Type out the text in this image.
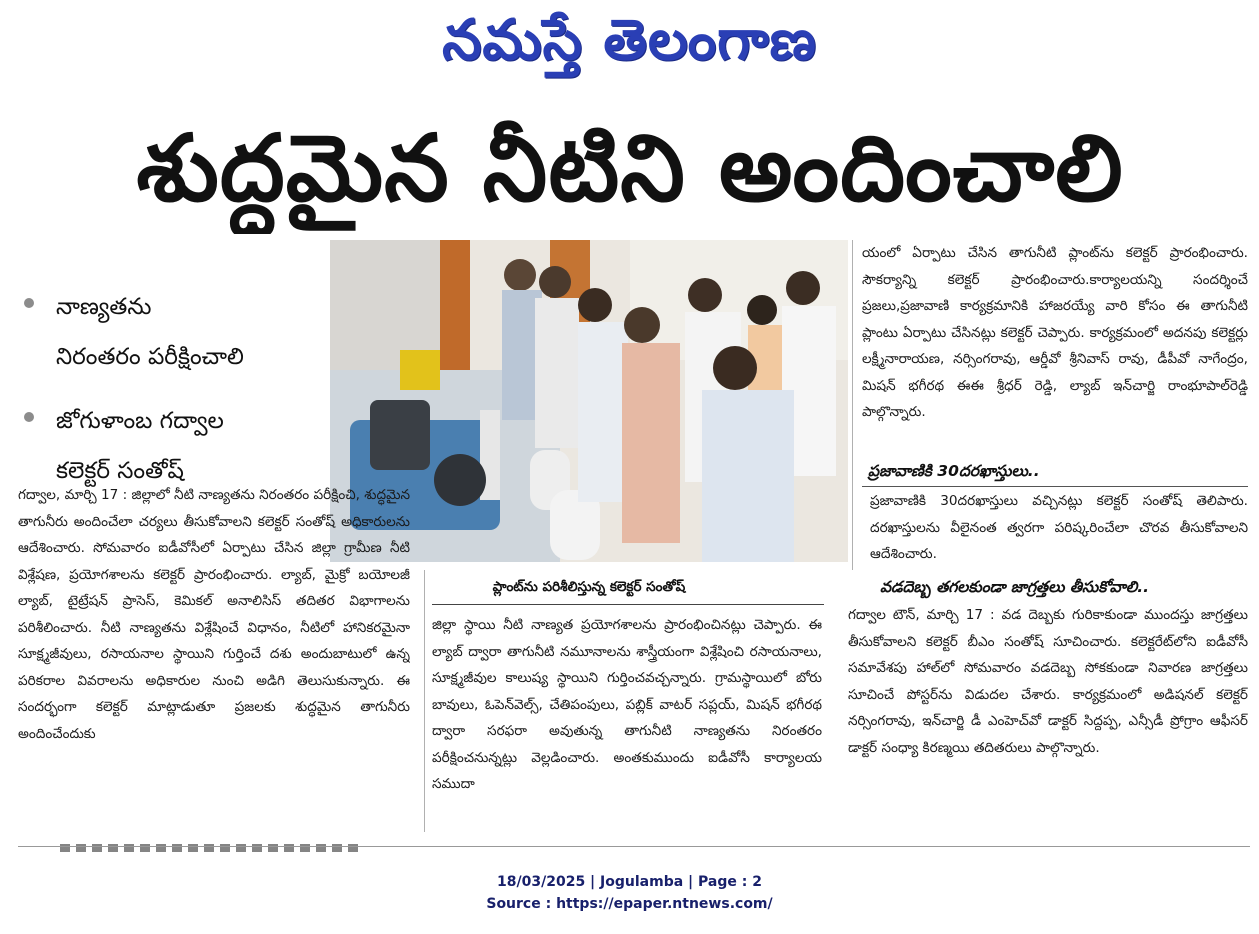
నమస్తే తెలంగాణ
శుద్ధమైన నీటిని అందించాలి
నాణ్యతను
నిరంతరం పరీక్షించాలి
జోగుళాంబ గద్వాల
కలెక్టర్ సంతోష్
ప్లాంట్‌ను పరిశీలిస్తున్న కలెక్టర్ సంతోష్
గద్వాల, మార్చి 17 : జిల్లాలో నీటి నాణ్యతను నిరంతరం పరీక్షించి, శుద్ధమైన తాగునీరు అందించేలా చర్యలు తీసుకోవాలని కలెక్టర్ సంతోష్ అధికారులను ఆదేశించారు. సోమవారం ఐడీవోసీలో ఏర్పాటు చేసిన జిల్లా గ్రామీణ నీటి విశ్లేషణ, ప్రయోగశాలను కలెక్టర్ ప్రారంభించారు. ల్యాబ్, మైక్రో బయోలజీ ల్యాబ్, టైట్రేషన్ ప్రాసెస్, కెమికల్ అనాలిసిస్ తదితర విభాగాలను పరిశీలించారు. నీటి నాణ్యతను విశ్లేషించే విధానం, నీటిలో హానికరమైనా సూక్ష్మజీవులు, రసాయనాల స్థాయిని గుర్తించే దశు అందుబాటులో ఉన్న పరికరాల వివరాలను అధికారుల నుంచి అడిగి తెలుసుకున్నారు. ఈ సందర్భంగా కలెక్టర్ మాట్లాడుతూ ప్రజలకు శుద్ధమైన తాగునీరు అందించేందుకు
జిల్లా స్థాయి నీటి నాణ్యత ప్రయోగశాలను ప్రారంభించినట్లు చెప్పారు. ఈ ల్యాబ్ ద్వారా తాగునీటి నమూనాలను శాస్త్రీయంగా విశ్లేషించి రసాయనాలు, సూక్ష్మజీవుల కాలుష్య స్థాయిని గుర్తించవచ్చన్నారు. గ్రామస్థాయిలో బోరు బావులు, ఓపెన్‌వెల్స్, చేతిపంపులు, పబ్లిక్ వాటర్ సప్లయ్, మిషన్ భగీరథ ద్వారా సరఫరా అవుతున్న తాగునీటి నాణ్యతను నిరంతరం పరీక్షించనున్నట్లు వెల్లడించారు. అంతకుముందు ఐడీవోసీ కార్యాలయ సముదా
యంలో ఏర్పాటు చేసిన తాగునీటి ప్లాంట్‌ను కలెక్టర్ ప్రారంభించారు. సౌకర్యాన్ని కలెక్టర్ ప్రారంభించారు.కార్యాలయన్ని సందర్శించే ప్రజలు,ప్రజావాణి కార్యక్రమానికి హాజరయ్యే వారి కోసం ఈ తాగునీటి ప్లాంటు ఏర్పాటు చేసినట్లు కలెక్టర్ చెప్పారు. కార్యక్రమంలో అదనపు కలెక్టర్లు లక్ష్మీనారాయణ, నర్సింగరావు, ఆర్డీవో శ్రీనివాస్ రావు, డీపీవో నాగేంద్రం, మిషన్ భగీరథ ఈఈ శ్రీధర్ రెడ్డి, ల్యాబ్ ఇన్‌చార్జి రాంభూపాల్‌రెడ్డి పాల్గొన్నారు.
ప్రజావాణికి 30దరఖాస్తులు..
ప్రజావాణికి 30దరఖాస్తులు వచ్చినట్లు కలెక్టర్ సంతోష్ తెలిపారు. దరఖాస్తులను వీలైనంత త్వరగా పరిష్కరించేలా చొరవ తీసుకోవాలని ఆదేశించారు.
వడదెబ్బ తగలకుండా జాగ్రత్తలు తీసుకోవాలి..
గద్వాల టౌన్, మార్చి 17 : వడ దెబ్బకు గురికాకుండా ముందస్తు జాగ్రత్తలు తీసుకోవాలని కలెక్టర్ బీఎం సంతోష్ సూచించారు. కలెక్టరేట్‌లోని ఐడీవోసీ సమావేశపు హాల్‌లో సోమవారం వడదెబ్బ సోకకుండా నివారణ జాగ్రత్తలు సూచించే పోస్టర్‌ను విడుదల చేశారు. కార్యక్రమంలో అడిషనల్ కలెక్టర్ నర్సింగరావు, ఇన్‌చార్జి డీ ఎంహెచ్‌వో డాక్టర్ సిద్దప్ప, ఎన్సీడీ ప్రోగ్రాం ఆఫీసర్ డాక్టర్ సంధ్యా కిరణ్మయి తదితరులు పాల్గొన్నారు.
18/03/2025 | Jogulamba | Page : 2
Source : https://epaper.ntnews.com/
